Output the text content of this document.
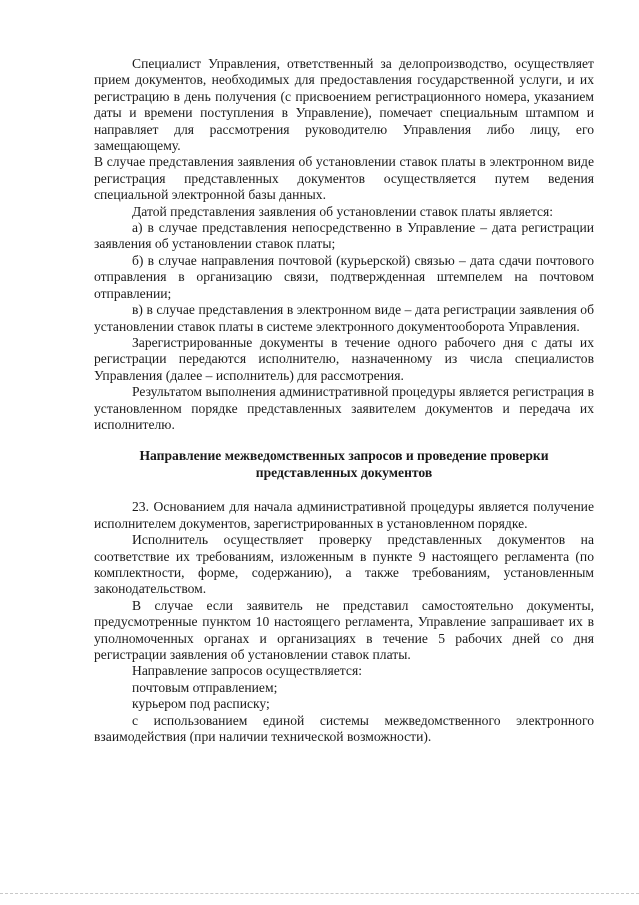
Специалист Управления, ответственный за делопроизводство, осуществляет прием документов, необходимых для предоставления государственной услуги, и их регистрацию в день получения (с присвоением регистрационного номера, указанием даты и времени поступления в Управление), помечает специальным штампом и направляет для рассмотрения руководителю Управления либо лицу, его замещающему.

В случае представления заявления об установлении ставок платы в электронном виде регистрация представленных документов осуществляется путем ведения специальной электронной базы данных.

Датой представления заявления об установлении ставок платы является:

а) в случае представления непосредственно в Управление – дата регистрации заявления об установлении ставок платы;

б) в случае направления почтовой (курьерской) связью – дата сдачи почтового отправления в организацию связи, подтвержденная штемпелем на почтовом отправлении;

в) в случае представления в электронном виде – дата регистрации заявления об установлении ставок платы в системе электронного документооборота Управления.

Зарегистрированные документы в течение одного рабочего дня с даты их регистрации передаются исполнителю, назначенному из числа специалистов Управления (далее – исполнитель) для рассмотрения.

Результатом выполнения административной процедуры является регистрация в установленном порядке представленных заявителем документов и передача их исполнителю.

Направление межведомственных запросов и проведение проверки
представленных документов

23. Основанием для начала административной процедуры является получение исполнителем документов, зарегистрированных в установленном порядке.

Исполнитель осуществляет проверку представленных документов на соответствие их требованиям, изложенным в пункте 9 настоящего регламента (по комплектности, форме, содержанию), а также требованиям, установленным законодательством.

В случае если заявитель не представил самостоятельно документы, предусмотренные пунктом 10 настоящего регламента, Управление запрашивает их в уполномоченных органах и организациях в течение 5 рабочих дней со дня регистрации заявления об установлении ставок платы.

Направление запросов осуществляется:

почтовым отправлением;

курьером под расписку;

с использованием единой системы межведомственного электронного взаимодействия (при наличии технической возможности).
